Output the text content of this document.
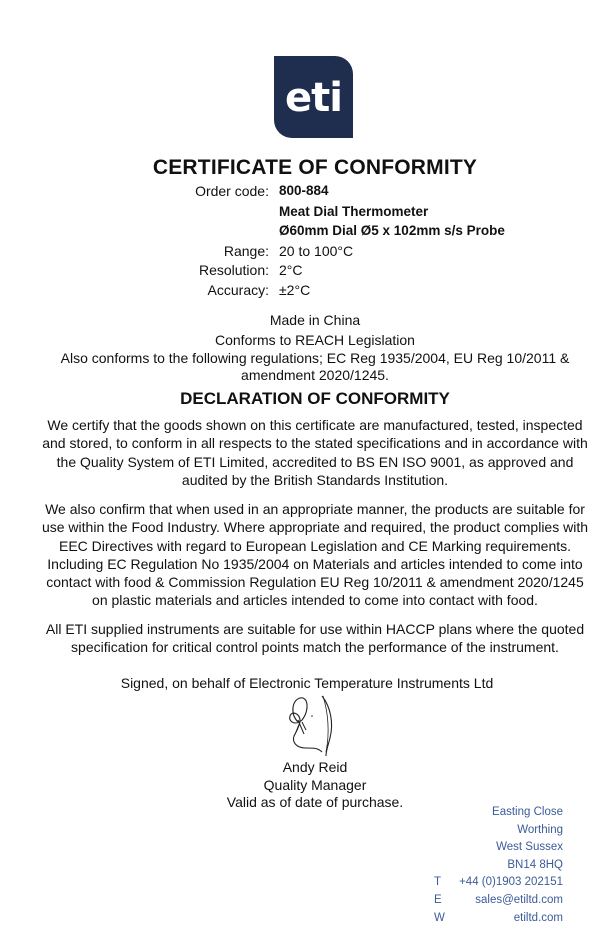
eti
CERTIFICATE OF CONFORMITY
Order code: 800-884
Meat Dial Thermometer
Ø60mm Dial Ø5 x 102mm s/s Probe
Range: 20 to 100°C
Resolution: 2°C
Accuracy: ±2°C
Made in China
Conforms to REACH Legislation
Also conforms to the following regulations; EC Reg 1935/2004, EU Reg 10/2011 &
amendment 2020/1245.
DECLARATION OF CONFORMITY

We certify that the goods shown on this certificate are manufactured, tested, inspected

and stored, to conform in all respects to the stated specifications and in accordance with

the Quality System of ETI Limited, accredited to BS EN ISO 9001, as approved and

audited by the British Standards Institution.

We also confirm that when used in an appropriate manner, the products are suitable for

use within the Food Industry. Where appropriate and required, the product complies with

EEC Directives with regard to European Legislation and CE Marking requirements.

Including EC Regulation No 1935/2004 on Materials and articles intended to come into

contact with food & Commission Regulation EU Reg 10/2011 & amendment 2020/1245

on plastic materials and articles intended to come into contact with food.

All ETI supplied instruments are suitable for use within HACCP plans where the quoted

specification for critical control points match the performance of the instrument.

Signed, on behalf of Electronic Temperature Instruments Ltd
Andy Reid
Quality Manager
Valid as of date of purchase.
Easting Close
Worthing
West Sussex
BN14 8HQ
T +44 (0)1903 202151
E	sales@etiltd.com
W	etiltd.com
